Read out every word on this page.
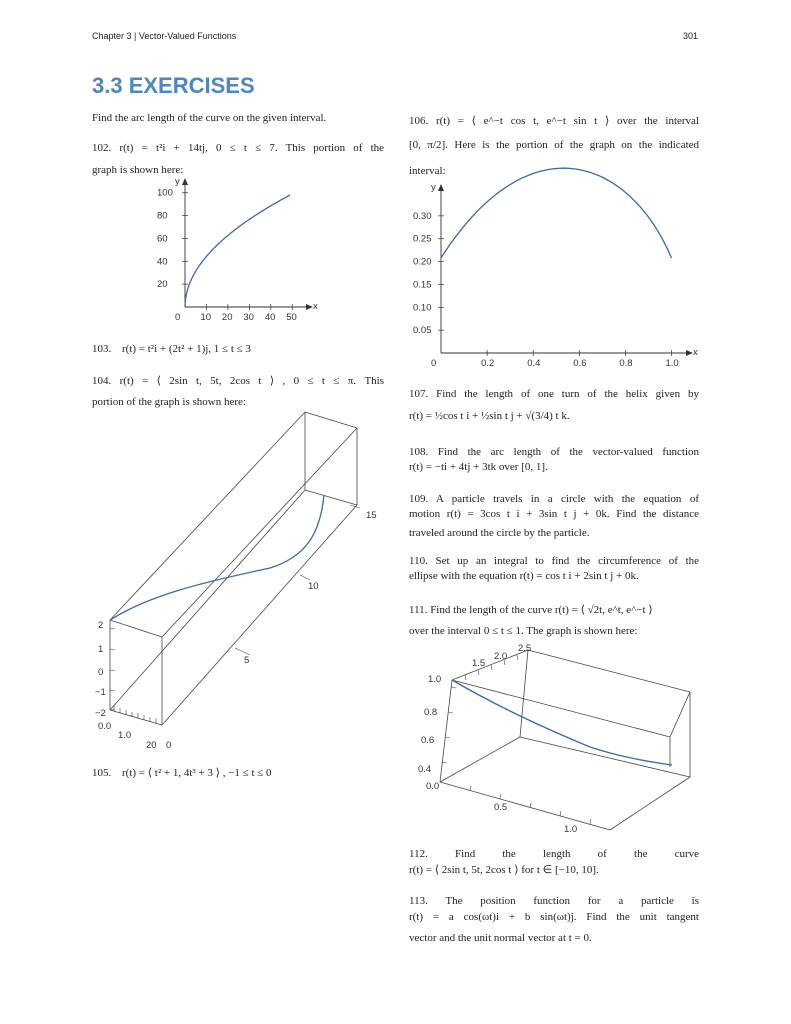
Chapter 3 | Vector-Valued Functions	301
3.3 EXERCISES
Find the arc length of the curve on the given interval.
102. r(t) = t²i + 14tj, 0 ≤ t ≤ 7. This portion of the
graph is shown here:
x
y
0 10 20 30 40 50
20
40
60
80
100
103. r(t) = t²i + (2t² + 1)j, 1 ≤ t ≤ 3
104. r(t) = ⟨ 2sin t, 5t, 2cos t ⟩ , 0 ≤ t ≤ π. This
portion of the graph is shown here:
2
1
0
−1
−2
0.0
1.0
20 0
5
10
15
105. r(t) = ⟨ t² + 1, 4t³ + 3 ⟩ , −1 ≤ t ≤ 0
106. r(t) = ⟨ e^−t cos t, e^−t sin t ⟩ over the interval
[0, π/2]. Here is the portion of the graph on the indicated
interval:
x
y
0	0.2	0.4	0.6	0.8	1.0
0.05
0.10
0.15
0.20
0.25
0.30
107. Find the length of one turn of the helix given by
r(t) = ½cos t i + ½sin t j + √(3/4) t k.
108. Find the arc length of the vector-valued function
r(t) = −ti + 4tj + 3tk over [0, 1].
109. A particle travels in a circle with the equation of
motion r(t) = 3cos t i + 3sin t j + 0k. Find the distance
traveled around the circle by the particle.
110. Set up an integral to find the circumference of the
ellipse with the equation r(t) = cos t i + 2sin t j + 0k.
111. Find the length of the curve r(t) = ⟨ √2t, e^t, e^−t ⟩
over the interval 0 ≤ t ≤ 1. The graph is shown here:
1.5
2.0
2.5
1.0
0.8
0.6
0.4
0.0
0.5
1.0
112. Find the length of the curve
r(t) = ⟨ 2sin t, 5t, 2cos t ⟩ for t ∈ [−10, 10].
113. The position function for a particle is
r(t) = a cos(ωt)i + b sin(ωt)j. Find the unit tangent
vector and the unit normal vector at t = 0.
